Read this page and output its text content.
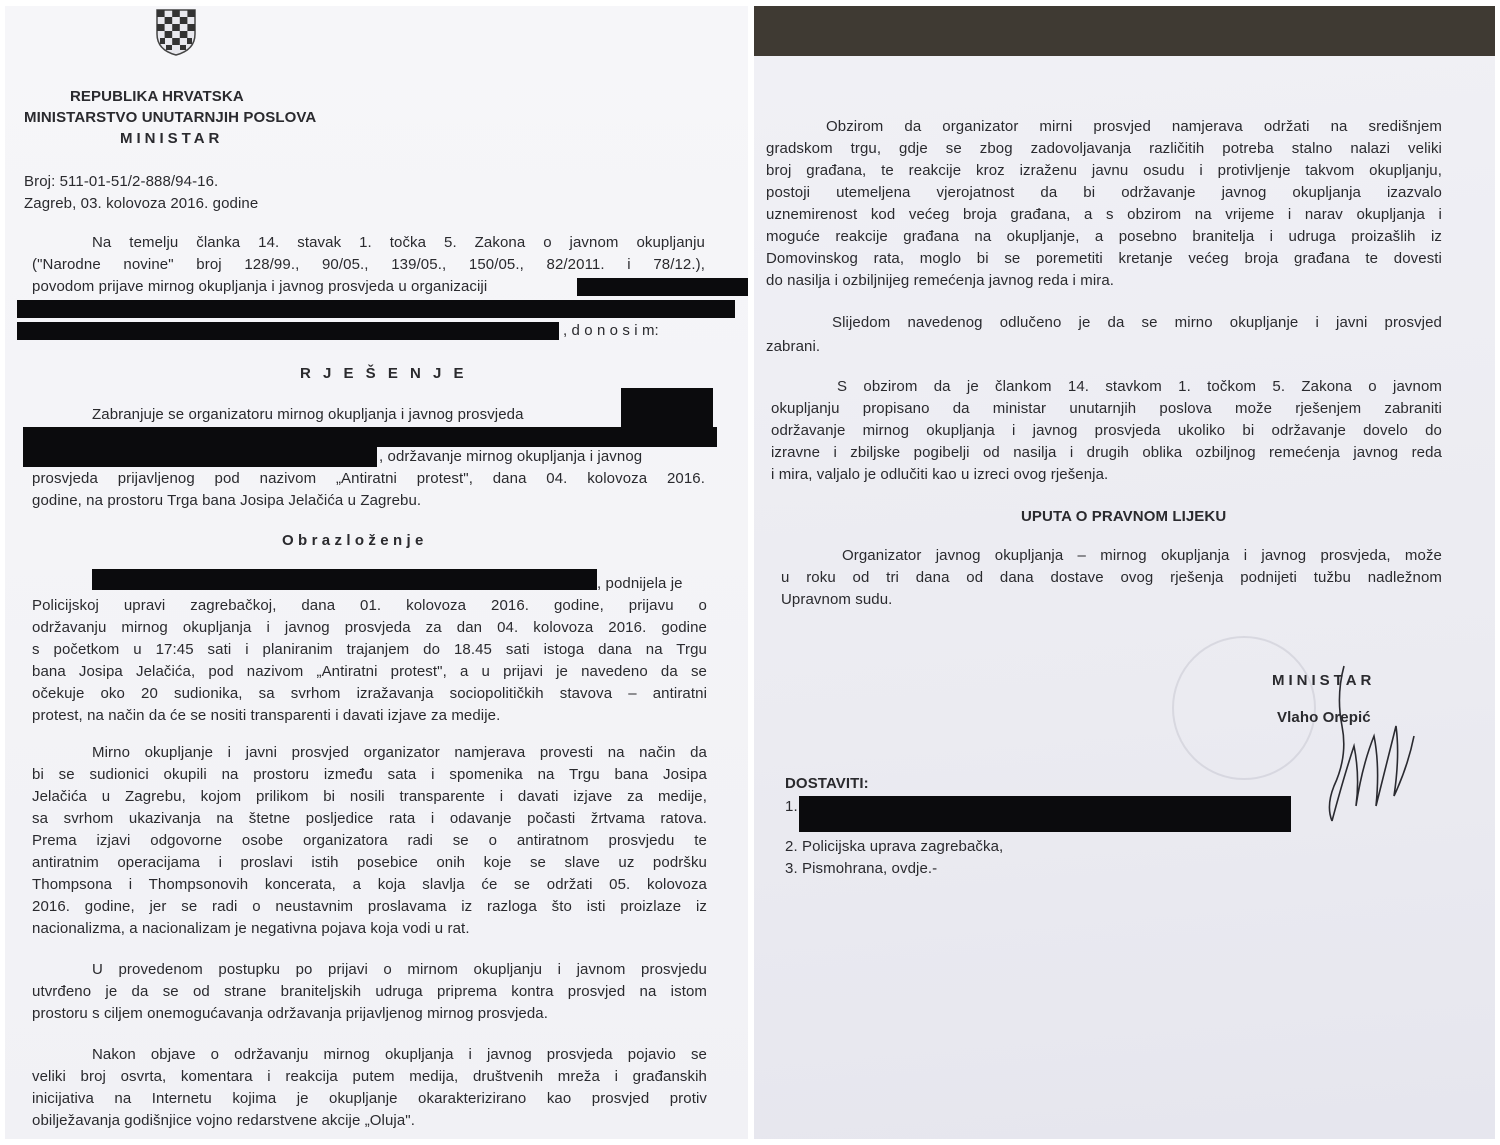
REPUBLIKA HRVATSKA
MINISTARSTVO UNUTARNJIH POSLOVA
MINISTAR
Broj: 511-01-51/2-888/94-16.
Zagreb, 03. kolovoza 2016. godine
Na temelju članka 14. stavak 1. točka 5. Zakona o javnom okupljanju
("Narodne novine" broj 128/99., 90/05., 139/05., 150/05., 82/2011. i 78/12.),
povodom prijave mirnog okupljanja i javnog prosvjeda u organizaciji
, d o n o s i m:
R J E Š E N J E
Zabranjuje se organizatoru mirnog okupljanja i javnog prosvjeda
, održavanje mirnog okupljanja i javnog
prosvjeda prijavljenog pod nazivom „Antiratni protest", dana 04. kolovoza 2016.
godine, na prostoru Trga bana Josipa Jelačića u Zagrebu.
O b r a z l o ž e n j e
, podnijela je
Policijskoj upravi zagrebačkoj, dana 01. kolovoza 2016. godine, prijavu o
održavanju mirnog okupljanja i javnog prosvjeda za dan 04. kolovoza 2016. godine
s početkom u 17:45 sati i planiranim trajanjem do 18.45 sati istoga dana na Trgu
bana Josipa Jelačića, pod nazivom „Antiratni protest", a u prijavi je navedeno da se
očekuje oko 20 sudionika, sa svrhom izražavanja sociopolitičkih stavova – antiratni
protest, na način da će se nositi transparenti i davati izjave za medije.
Mirno okupljanje i javni prosvjed organizator namjerava provesti na način da
bi se sudionici okupili na prostoru između sata i spomenika na Trgu bana Josipa
Jelačića u Zagrebu, kojom prilikom bi nosili transparente i davati izjave za medije,
sa svrhom ukazivanja na štetne posljedice rata i odavanje počasti žrtvama ratova.
Prema izjavi odgovorne osobe organizatora radi se o antiratnom prosvjedu te
antiratnim operacijama i proslavi istih posebice onih koje se slave uz podršku
Thompsona i Thompsonovih koncerata, a koja slavlja će se održati 05. kolovoza
2016. godine, jer se radi o neustavnim proslavama iz razloga što isti proizlaze iz
nacionalizma, a nacionalizam je negativna pojava koja vodi u rat.
U provedenom postupku po prijavi o mirnom okupljanju i javnom prosvjedu
utvrđeno je da se od strane braniteljskih udruga priprema kontra prosvjed na istom
prostoru s ciljem onemogućavanja održavanja prijavljenog mirnog prosvjeda.
Nakon objave o održavanju mirnog okupljanja i javnog prosvjeda pojavio se
veliki broj osvrta, komentara i reakcija putem medija, društvenih mreža i građanskih
inicijativa na Internetu kojima je okupljanje okarakterizirano kao prosvjed protiv
obilježavanja godišnjice vojno redarstvene akcije „Oluja".
Obzirom da organizator mirni prosvjed namjerava održati na središnjem
gradskom trgu, gdje se zbog zadovoljavanja različitih potreba stalno nalazi veliki
broj građana, te reakcije kroz izraženu javnu osudu i protivljenje takvom okupljanju,
postoji utemeljena vjerojatnost da bi održavanje javnog okupljanja izazvalo
uznemirenost kod većeg broja građana, a s obzirom na vrijeme i narav okupljanja i
moguće reakcije građana na okupljanje, a posebno branitelja i udruga proizašlih iz
Domovinskog rata, moglo bi se poremetiti kretanje većeg broja građana te dovesti
do nasilja i ozbiljnijeg remećenja javnog reda i mira.
Slijedom navedenog odlučeno je da se mirno okupljanje i javni prosvjed
zabrani.
S obzirom da je člankom 14. stavkom 1. točkom 5. Zakona o javnom
okupljanju propisano da ministar unutarnjih poslova može rješenjem zabraniti
održavanje mirnog okupljanja i javnog prosvjeda ukoliko bi održavanje dovelo do
izravne i zbiljske pogibelji od nasilja i drugih oblika ozbiljnog remećenja javnog reda
i mira, valjalo je odlučiti kao u izreci ovog rješenja.
UPUTA O PRAVNOM LIJEKU
Organizator javnog okupljanja – mirnog okupljanja i javnog prosvjeda, može
u roku od tri dana od dana dostave ovog rješenja podnijeti tužbu nadležnom
Upravnom sudu.
MINISTAR
Vlaho Orepić
DOSTAVITI:
1.
2. Policijska uprava zagrebačka,
3. Pismohrana, ovdje.-
